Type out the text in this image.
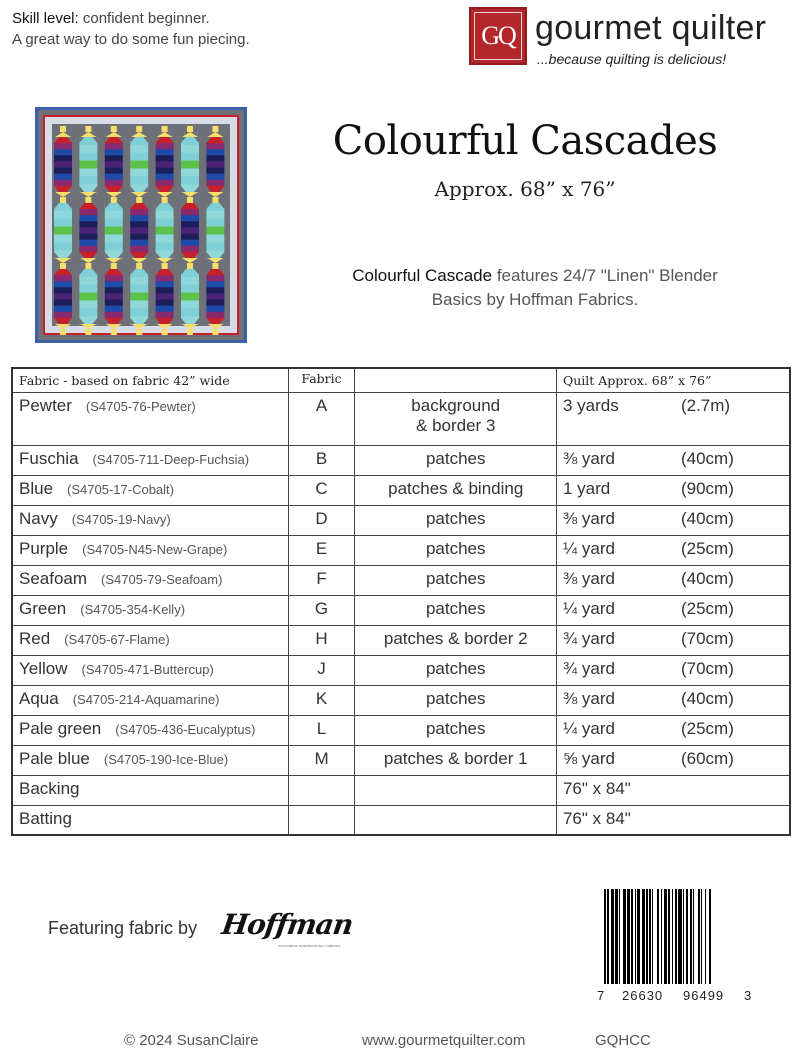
Skill level: confident beginner.
A great way to do some fun piecing.	GQ gourmet quilter
...because quilting is delicious!
Colourful Cascades
Approx. 68” x 76”
Colourful Cascade features 24/7 "Linen" Blender
Basics by Hoffman Fabrics.
Fabric - based on fabric 42” wide	Fabric		Quilt Approx. 68” x 76”
Pewter (S4705-76-Pewter)	A	background
& border 3	3 yards (2.7m)
Fuschia (S4705-711-Deep-Fuchsia)	B	patches	⅜ yard (40cm)
Blue (S4705-17-Cobalt)	C	patches & binding	1 yard (90cm)
Navy (S4705-19-Navy)	D	patches	⅜ yard (40cm)
Purple (S4705-N45-New-Grape)	E	patches	¼ yard (25cm)
Seafoam (S4705-79-Seafoam)	F	patches	⅜ yard (40cm)
Green (S4705-354-Kelly)	G	patches	¼ yard (25cm)
Red (S4705-67-Flame)	H	patches & border 2	¾ yard (70cm)
Yellow (S4705-471-Buttercup)	J	patches	¾ yard (70cm)
Aqua (S4705-214-Aquamarine)	K	patches	⅜ yard (40cm)
Pale green (S4705-436-Eucalyptus)	L	patches	¼ yard (25cm)
Pale blue (S4705-190-Ice-Blue)	M	patches & border 1	⅝ yard (60cm)
Backing			76" x 84"
Batting			76" x 84"
Featuring fabric by Hoffman
CALIFORNIA INTERNATIONAL FABRICS
7 26630 96499 3
© 2024 SusanClaire	www.gourmetquilter.com	GQHCC
